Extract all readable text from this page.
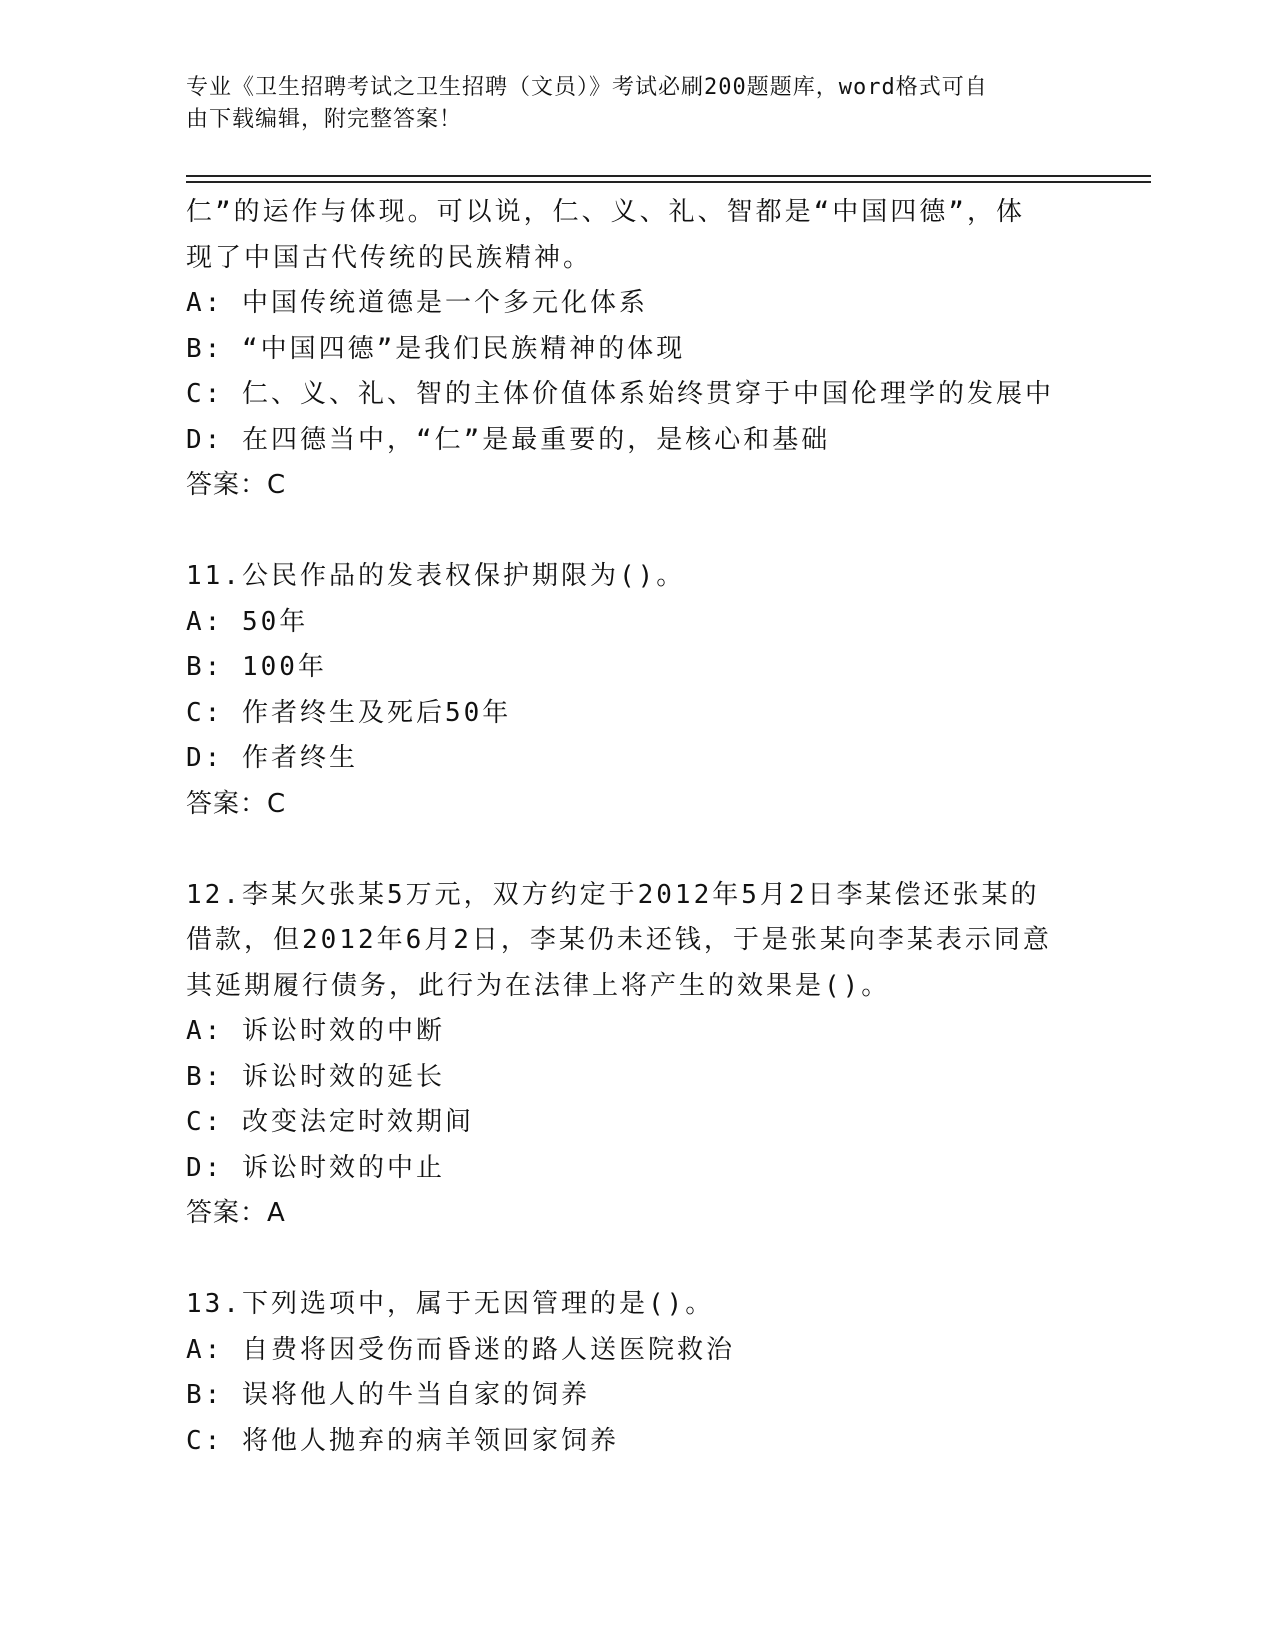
专业《卫生招聘考试之卫生招聘（文员）》考试必刷200题题库，word格式可自
由下载编辑，附完整答案！
仁”的运作与体现。可以说，仁、义、礼、智都是“中国四德”，体
现了中国古代传统的民族精神。
A: 中国传统道德是一个多元化体系
B: “中国四德”是我们民族精神的体现
C: 仁、义、礼、智的主体价值体系始终贯穿于中国伦理学的发展中
D: 在四德当中，“仁”是最重要的，是核心和基础
答案：C
11.公民作品的发表权保护期限为()。
A: 50年
B: 100年
C: 作者终生及死后50年
D: 作者终生
答案：C
12.李某欠张某5万元，双方约定于2012年5月2日李某偿还张某的
借款，但2012年6月2日，李某仍未还钱，于是张某向李某表示同意
其延期履行债务，此行为在法律上将产生的效果是()。
A: 诉讼时效的中断
B: 诉讼时效的延长
C: 改变法定时效期间
D: 诉讼时效的中止
答案：A
13.下列选项中，属于无因管理的是()。
A: 自费将因受伤而昏迷的路人送医院救治
B: 误将他人的牛当自家的饲养
C: 将他人抛弃的病羊领回家饲养
